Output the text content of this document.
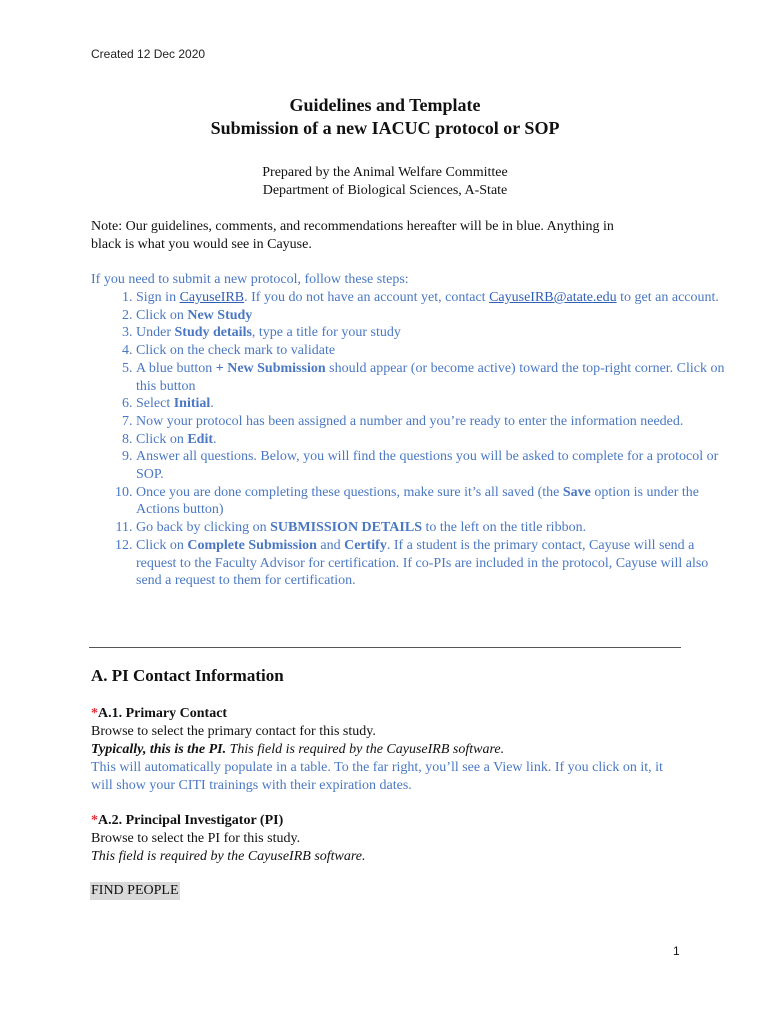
Created 12 Dec 2020
Guidelines and Template
Submission of a new IACUC protocol or SOP
Prepared by the Animal Welfare Committee
Department of Biological Sciences, A-State
Note: Our guidelines, comments, and recommendations hereafter will be in blue. Anything in
black is what you would see in Cayuse.
If you need to submit a new protocol, follow these steps:
1. Sign in CayuseIRB. If you do not have an account yet, contact CayuseIRB@atate.edu to get an account.
2. Click on New Study
3. Under Study details, type a title for your study
4. Click on the check mark to validate
5. A blue button + New Submission should appear (or become active) toward the top-right corner. Click on this button
6. Select Initial.
7. Now your protocol has been assigned a number and you’re ready to enter the information needed.
8. Click on Edit.
9. Answer all questions. Below, you will find the questions you will be asked to complete for a protocol or SOP.
10. Once you are done completing these questions, make sure it’s all saved (the Save option is under the Actions button)
11. Go back by clicking on SUBMISSION DETAILS to the left on the title ribbon.
12. Click on Complete Submission and Certify. If a student is the primary contact, Cayuse will send a request to the Faculty Advisor for certification. If co-PIs are included in the protocol, Cayuse will also send a request to them for certification.
A. PI Contact Information
*A.1. Primary Contact
Browse to select the primary contact for this study.
Typically, this is the PI. This field is required by the CayuseIRB software.
This will automatically populate in a table. To the far right, you’ll see a View link. If you click on it, it will show your CITI trainings with their expiration dates.
*A.2. Principal Investigator (PI)
Browse to select the PI for this study.
This field is required by the CayuseIRB software.
FIND PEOPLE
1
